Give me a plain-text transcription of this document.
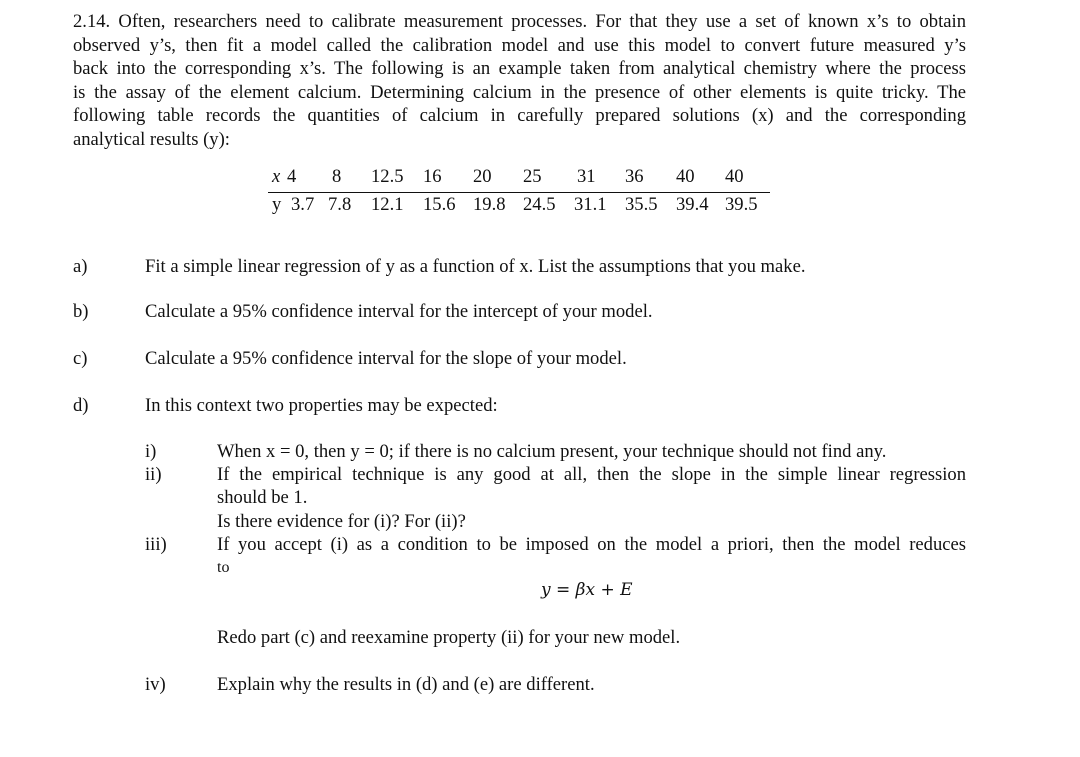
2.14. Often, researchers need to calibrate measurement processes. For that they use a set of known x’s to obtain
observed y’s, then fit a model called the calibration model and use this model to convert future measured y’s
back into the corresponding x’s. The following is an example taken from analytical chemistry where the process
is the assay of the element calcium. Determining calcium in the presence of other elements is quite tricky. The
following table records the quantities of calcium in carefully prepared solutions (x) and the corresponding
analytical results (y):
x 4 8 12.5 16 20 25 31 36 40 40
y 3.7 7.8 12.1 15.6 19.8 24.5 31.1 35.5 39.4 39.5
a)	Fit a simple linear regression of y as a function of x. List the assumptions that you make.
b)	Calculate a 95% confidence interval for the intercept of your model.
c)	Calculate a 95% confidence interval for the slope of your model.
d)	In this context two properties may be expected:
i)	When x = 0, then y = 0; if there is no calcium present, your technique should not find any.
ii)	If the empirical technique is any good at all, then the slope in the simple linear regression
should be 1.
Is there evidence for (i)? For (ii)?
iii)	If you accept (i) as a condition to be imposed on the model a priori, then the model reduces
to
y = βx + E
Redo part (c) and reexamine property (ii) for your new model.
iv)	Explain why the results in (d) and (e) are different.
